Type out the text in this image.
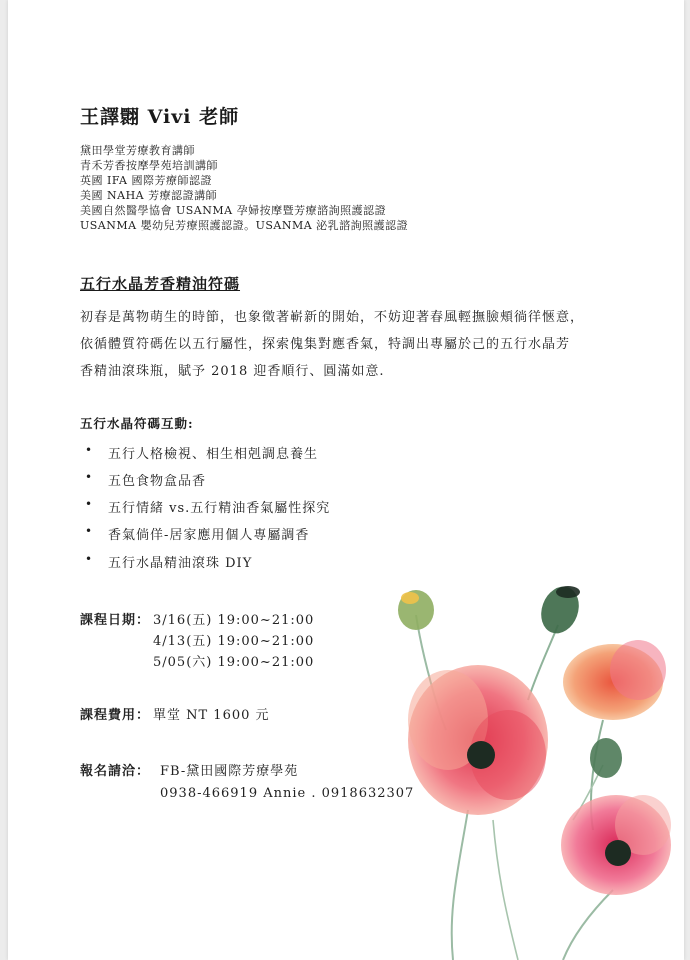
王譯翾 Vivi 老師
黛田學堂芳療教育講師
青禾芳香按摩學苑培訓講師
英國 IFA 國際芳療師認證
美國 NAHA 芳療認證講師
美國自然醫學協會 USANMA 孕婦按摩暨芳療諮詢照護認證
USANMA 嬰幼兒芳療照護認證。USANMA 泌乳諮詢照護認證
五行水晶芳香精油符碼
初春是萬物萌生的時節，也象徵著嶄新的開始，不妨迎著春風輕撫臉頰徜徉愜意，
依循體質符碼佐以五行屬性，探索傀集對應香氣，特調出專屬於己的五行水晶芳
香精油滾珠瓶，賦予 2018 迎香順行、圓滿如意.
五行水晶符碼互動:
• 五行人格檢視、相生相剋調息養生
• 五色食物盒品香
• 五行情緒 vs.五行精油香氣屬性探究
• 香氣倘佯-居家應用個人專屬調香
• 五行水晶精油滾珠 DIY
課程日期： 3/16(五) 19:00~21:00
4/13(五) 19:00~21:00
5/05(六) 19:00~21:00
課程費用： 單堂 NT 1600 元
報名請洽： FB-黛田國際芳療學苑
0938-466919 Annie . 0918632307
